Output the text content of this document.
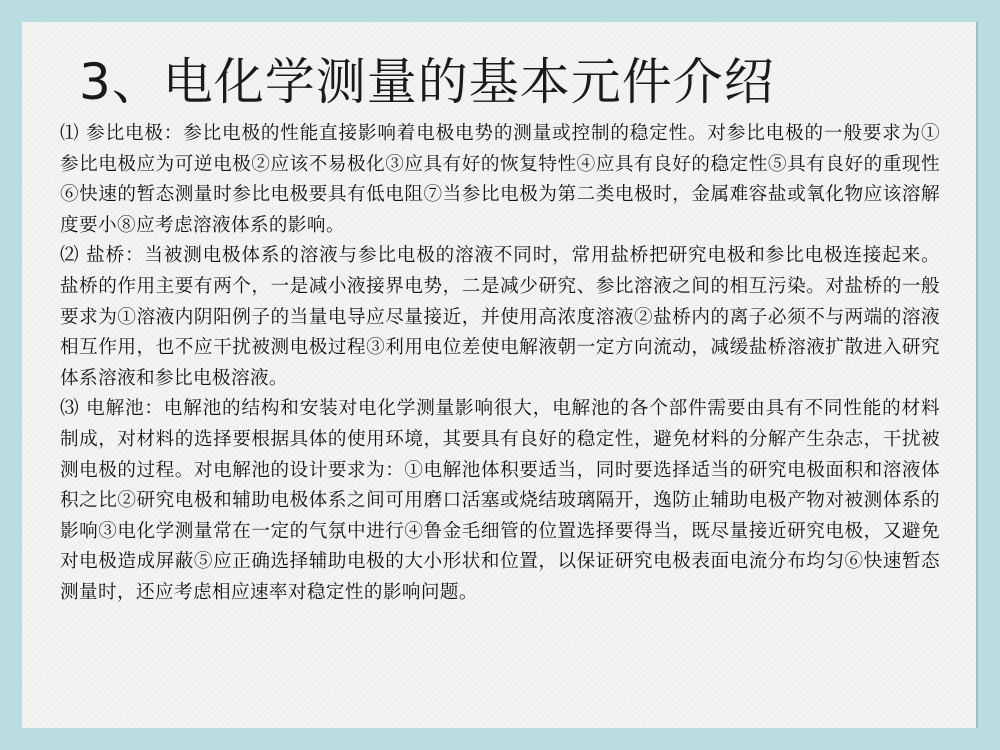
3、电化学测量的基本元件介绍

⑴ 参比电极：参比电极的性能直接影响着电极电势的测量或控制的稳定性。对参比电极的一般要求为①参比电极应为可逆电极②应该不易极化③应具有好的恢复特性④应具有良好的稳定性⑤具有良好的重现性⑥快速的暂态测量时参比电极要具有低电阻⑦当参比电极为第二类电极时，金属难容盐或氧化物应该溶解度要小⑧应考虑溶液体系的影响。

⑵ 盐桥：当被测电极体系的溶液与参比电极的溶液不同时，常用盐桥把研究电极和参比电极连接起来。盐桥的作用主要有两个，一是减小液接界电势，二是减少研究、参比溶液之间的相互污染。对盐桥的一般要求为①溶液内阴阳例子的当量电导应尽量接近，并使用高浓度溶液②盐桥内的离子必须不与两端的溶液相互作用，也不应干扰被测电极过程③利用电位差使电解液朝一定方向流动，减缓盐桥溶液扩散进入研究体系溶液和参比电极溶液。

⑶ 电解池：电解池的结构和安装对电化学测量影响很大，电解池的各个部件需要由具有不同性能的材料制成，对材料的选择要根据具体的使用环境，其要具有良好的稳定性，避免材料的分解产生杂志，干扰被测电极的过程。对电解池的设计要求为：①电解池体积要适当，同时要选择适当的研究电极面积和溶液体积之比②研究电极和辅助电极体系之间可用磨口活塞或烧结玻璃隔开，逸防止辅助电极产物对被测体系的影响③电化学测量常在一定的气氛中进行④鲁金毛细管的位置选择要得当，既尽量接近研究电极，又避免对电极造成屏蔽⑤应正确选择辅助电极的大小形状和位置，以保证研究电极表面电流分布均匀⑥快速暂态测量时，还应考虑相应速率对稳定性的影响问题。
